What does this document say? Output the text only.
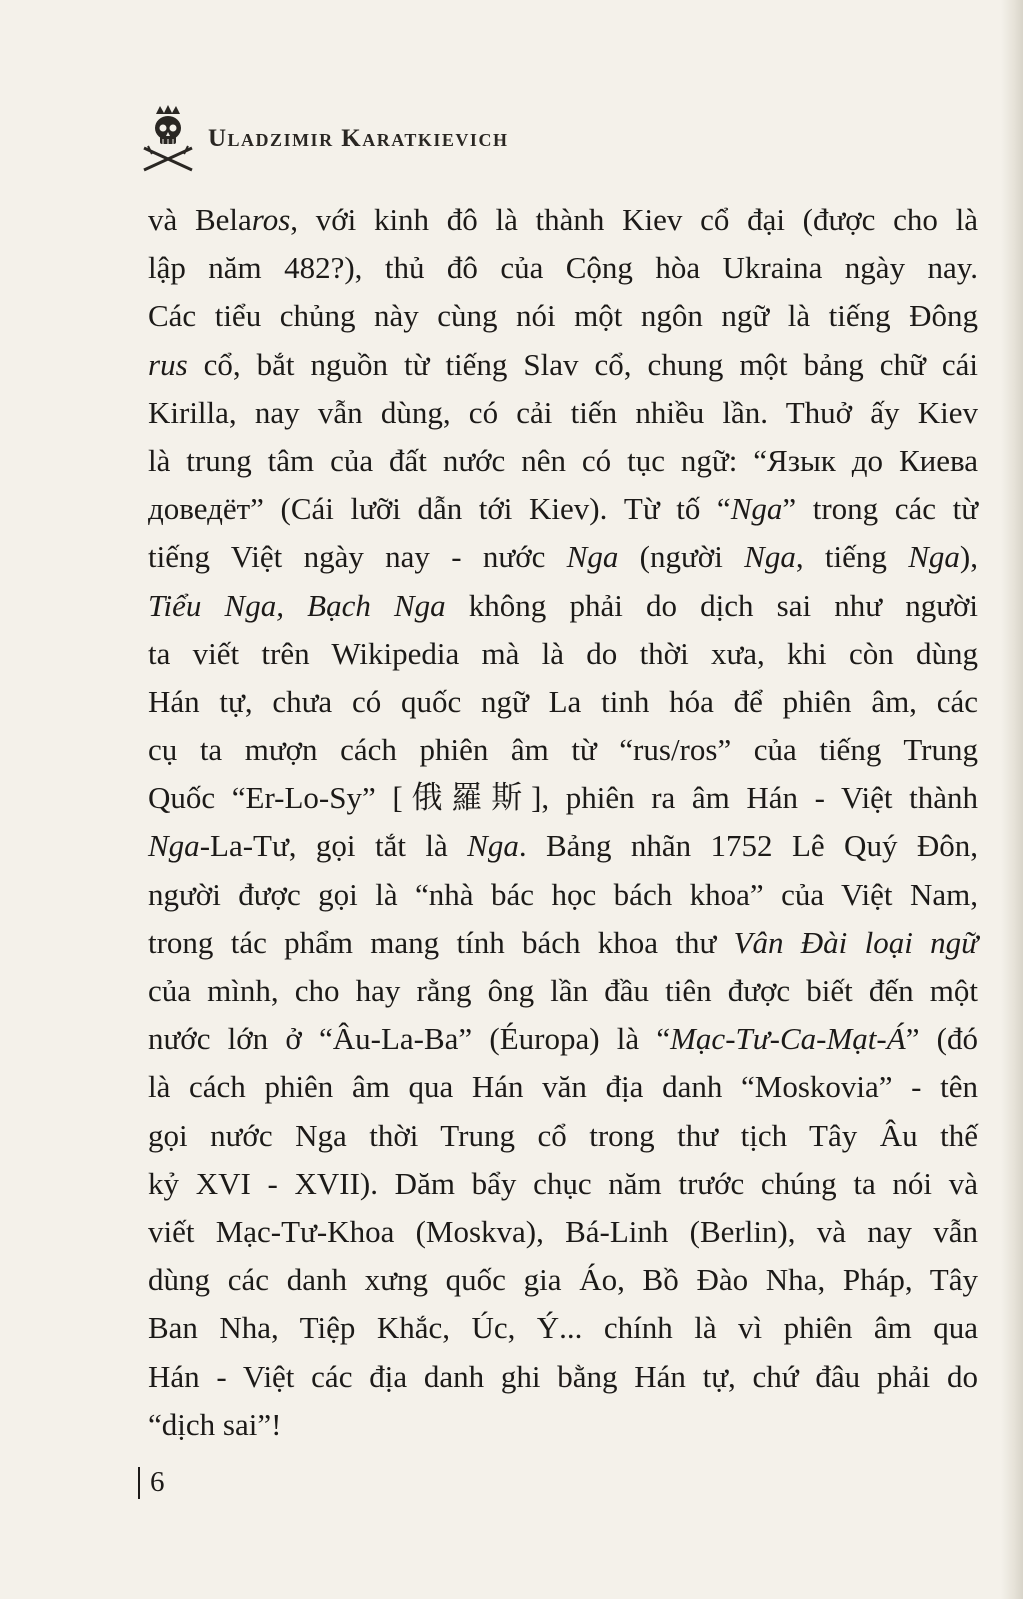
Uladzimir Karatkievich
và Belaros, với kinh đô là thành Kiev cổ đại (được cho là
lập năm 482?), thủ đô của Cộng hòa Ukraina ngày nay.
Các tiểu chủng này cùng nói một ngôn ngữ là tiếng Đông
rus cổ, bắt nguồn từ tiếng Slav cổ, chung một bảng chữ cái
Kirilla, nay vẫn dùng, có cải tiến nhiều lần. Thuở ấy Kiev
là trung tâm của đất nước nên có tục ngữ: “Язык до Киева
доведёт” (Cái lưỡi dẫn tới Kiev). Từ tố “Nga” trong các từ
tiếng Việt ngày nay - nước Nga (người Nga, tiếng Nga),
Tiểu Nga, Bạch Nga không phải do dịch sai như người
ta viết trên Wikipedia mà là do thời xưa, khi còn dùng
Hán tự, chưa có quốc ngữ La tinh hóa để phiên âm, các
cụ ta mượn cách phiên âm từ “rus/ros” của tiếng Trung
Quốc “Er-Lo-Sy” [俄羅斯], phiên ra âm Hán - Việt thành
Nga-La-Tư, gọi tắt là Nga. Bảng nhãn 1752 Lê Quý Đôn,
người được gọi là “nhà bác học bách khoa” của Việt Nam,
trong tác phẩm mang tính bách khoa thư Vân Đài loại ngữ
của mình, cho hay rằng ông lần đầu tiên được biết đến một
nước lớn ở “Âu-La-Ba” (Éuropa) là “Mạc-Tư-Ca-Mạt-Á” (đó
là cách phiên âm qua Hán văn địa danh “Moskovia” - tên
gọi nước Nga thời Trung cổ trong thư tịch Tây Âu thế
kỷ XVI - XVII). Dăm bẩy chục năm trước chúng ta nói và
viết Mạc-Tư-Khoa (Moskva), Bá-Linh (Berlin), và nay vẫn
dùng các danh xưng quốc gia Áo, Bồ Đào Nha, Pháp, Tây
Ban Nha, Tiệp Khắc, Úc, Ý... chính là vì phiên âm qua
Hán - Việt các địa danh ghi bằng Hán tự, chứ đâu phải do
“dịch sai”!
6
